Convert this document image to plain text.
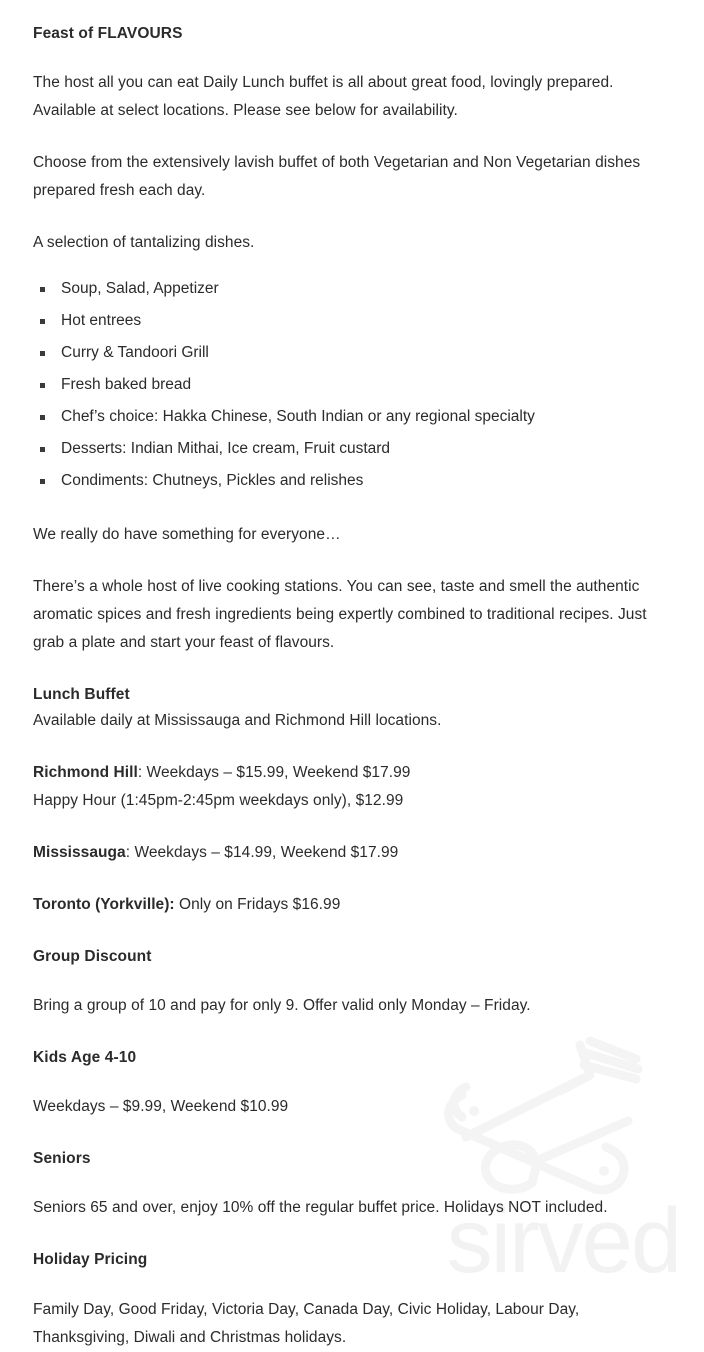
sirved
Feast of FLAVOURS

The host all you can eat Daily Lunch buffet is all about great food, lovingly prepared. Available at select locations. Please see below for availability.

Choose from the extensively lavish buffet of both Vegetarian and Non Vegetarian dishes prepared fresh each day.

A selection of tantalizing dishes.

Soup, Salad, Appetizer
Hot entrees
Curry & Tandoori Grill
Fresh baked bread
Chef’s choice: Hakka Chinese, South Indian or any regional specialty
Desserts: Indian Mithai, Ice cream, Fruit custard
Condiments: Chutneys, Pickles and relishes

We really do have something for everyone…

There’s a whole host of live cooking stations. You can see, taste and smell the authentic aromatic spices and fresh ingredients being expertly combined to traditional recipes. Just grab a plate and start your feast of flavours.

Lunch Buffet

Available daily at Mississauga and Richmond Hill locations.

Richmond Hill: Weekdays – $15.99, Weekend $17.99

Happy Hour (1:45pm-2:45pm weekdays only), $12.99

Mississauga: Weekdays – $14.99, Weekend $17.99

Toronto (Yorkville): Only on Fridays $16.99

Group Discount

Bring a group of 10 and pay for only 9. Offer valid only Monday – Friday.

Kids Age 4-10

Weekdays – $9.99, Weekend $10.99

Seniors

Seniors 65 and over, enjoy 10% off the regular buffet price. Holidays NOT included.

Holiday Pricing

Family Day, Good Friday, Victoria Day, Canada Day, Civic Holiday, Labour Day, Thanksgiving, Diwali and Christmas holidays.
